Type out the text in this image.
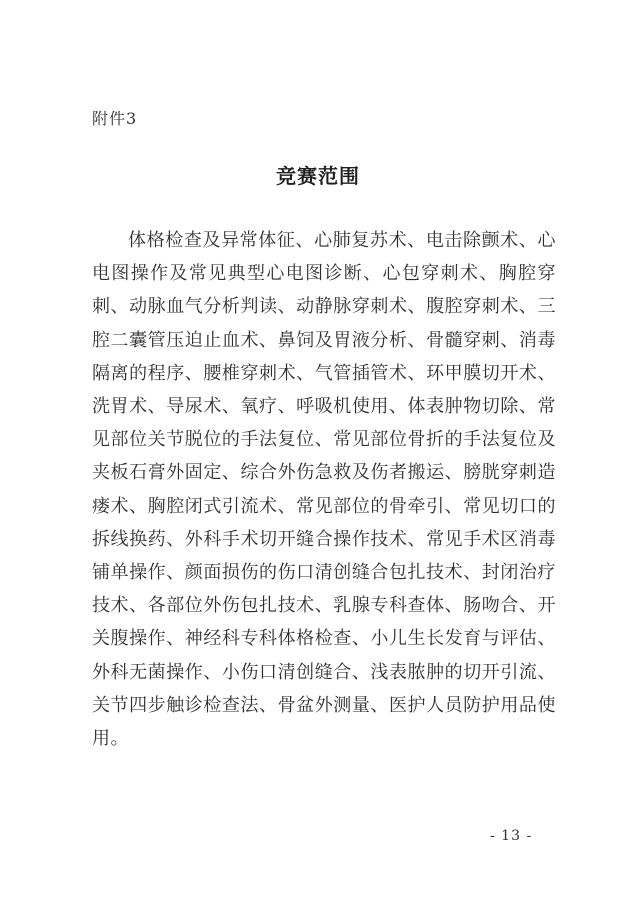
附件3
竞赛范围

体格检查及异常体征、心肺复苏术、电击除颤术、心电图操作及常见典型心电图诊断、心包穿刺术、胸腔穿刺、动脉血气分析判读、动静脉穿刺术、腹腔穿刺术、三腔二囊管压迫止血术、鼻饲及胃液分析、骨髓穿刺、消毒隔离的程序、腰椎穿刺术、气管插管术、环甲膜切开术、洗胃术、导尿术、氧疗、呼吸机使用、体表肿物切除、常见部位关节脱位的手法复位、常见部位骨折的手法复位及夹板石膏外固定、综合外伤急救及伤者搬运、膀胱穿刺造瘘术、胸腔闭式引流术、常见部位的骨牵引、常见切口的拆线换药、外科手术切开缝合操作技术、常见手术区消毒铺单操作、颜面损伤的伤口清创缝合包扎技术、封闭治疗技术、各部位外伤包扎技术、乳腺专科查体、肠吻合、开关腹操作、神经科专科体格检查、小儿生长发育与评估、外科无菌操作、小伤口清创缝合、浅表脓肿的切开引流、关节四步触诊检查法、骨盆外测量、医护人员防护用品使用。

- 13 -
